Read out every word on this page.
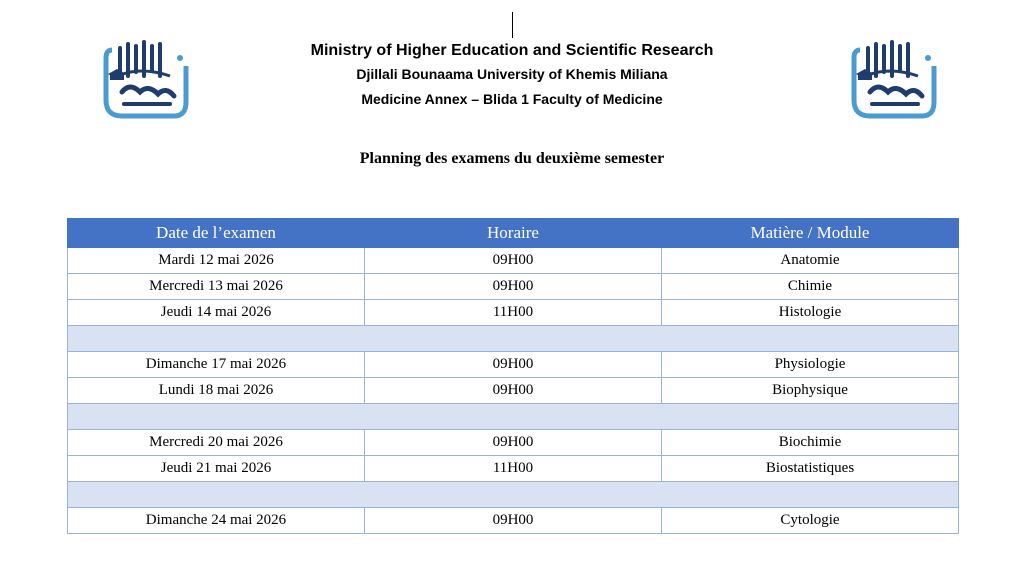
Ministry of Higher Education and Scientific Research
Djillali Bounaama University of Khemis Miliana
Medicine Annex – Blida 1 Faculty of Medicine
Planning des examens du deuxième semester
Date de l’examen	Horaire	Matière / Module
Mardi 12 mai 2026	09H00	Anatomie
Mercredi 13 mai 2026	09H00	Chimie
Jeudi 14 mai 2026	11H00	Histologie

Dimanche 17 mai 2026	09H00	Physiologie
Lundi 18 mai 2026	09H00	Biophysique

Mercredi 20 mai 2026	09H00	Biochimie
Jeudi 21 mai 2026	11H00	Biostatistiques

Dimanche 24 mai 2026	09H00	Cytologie
